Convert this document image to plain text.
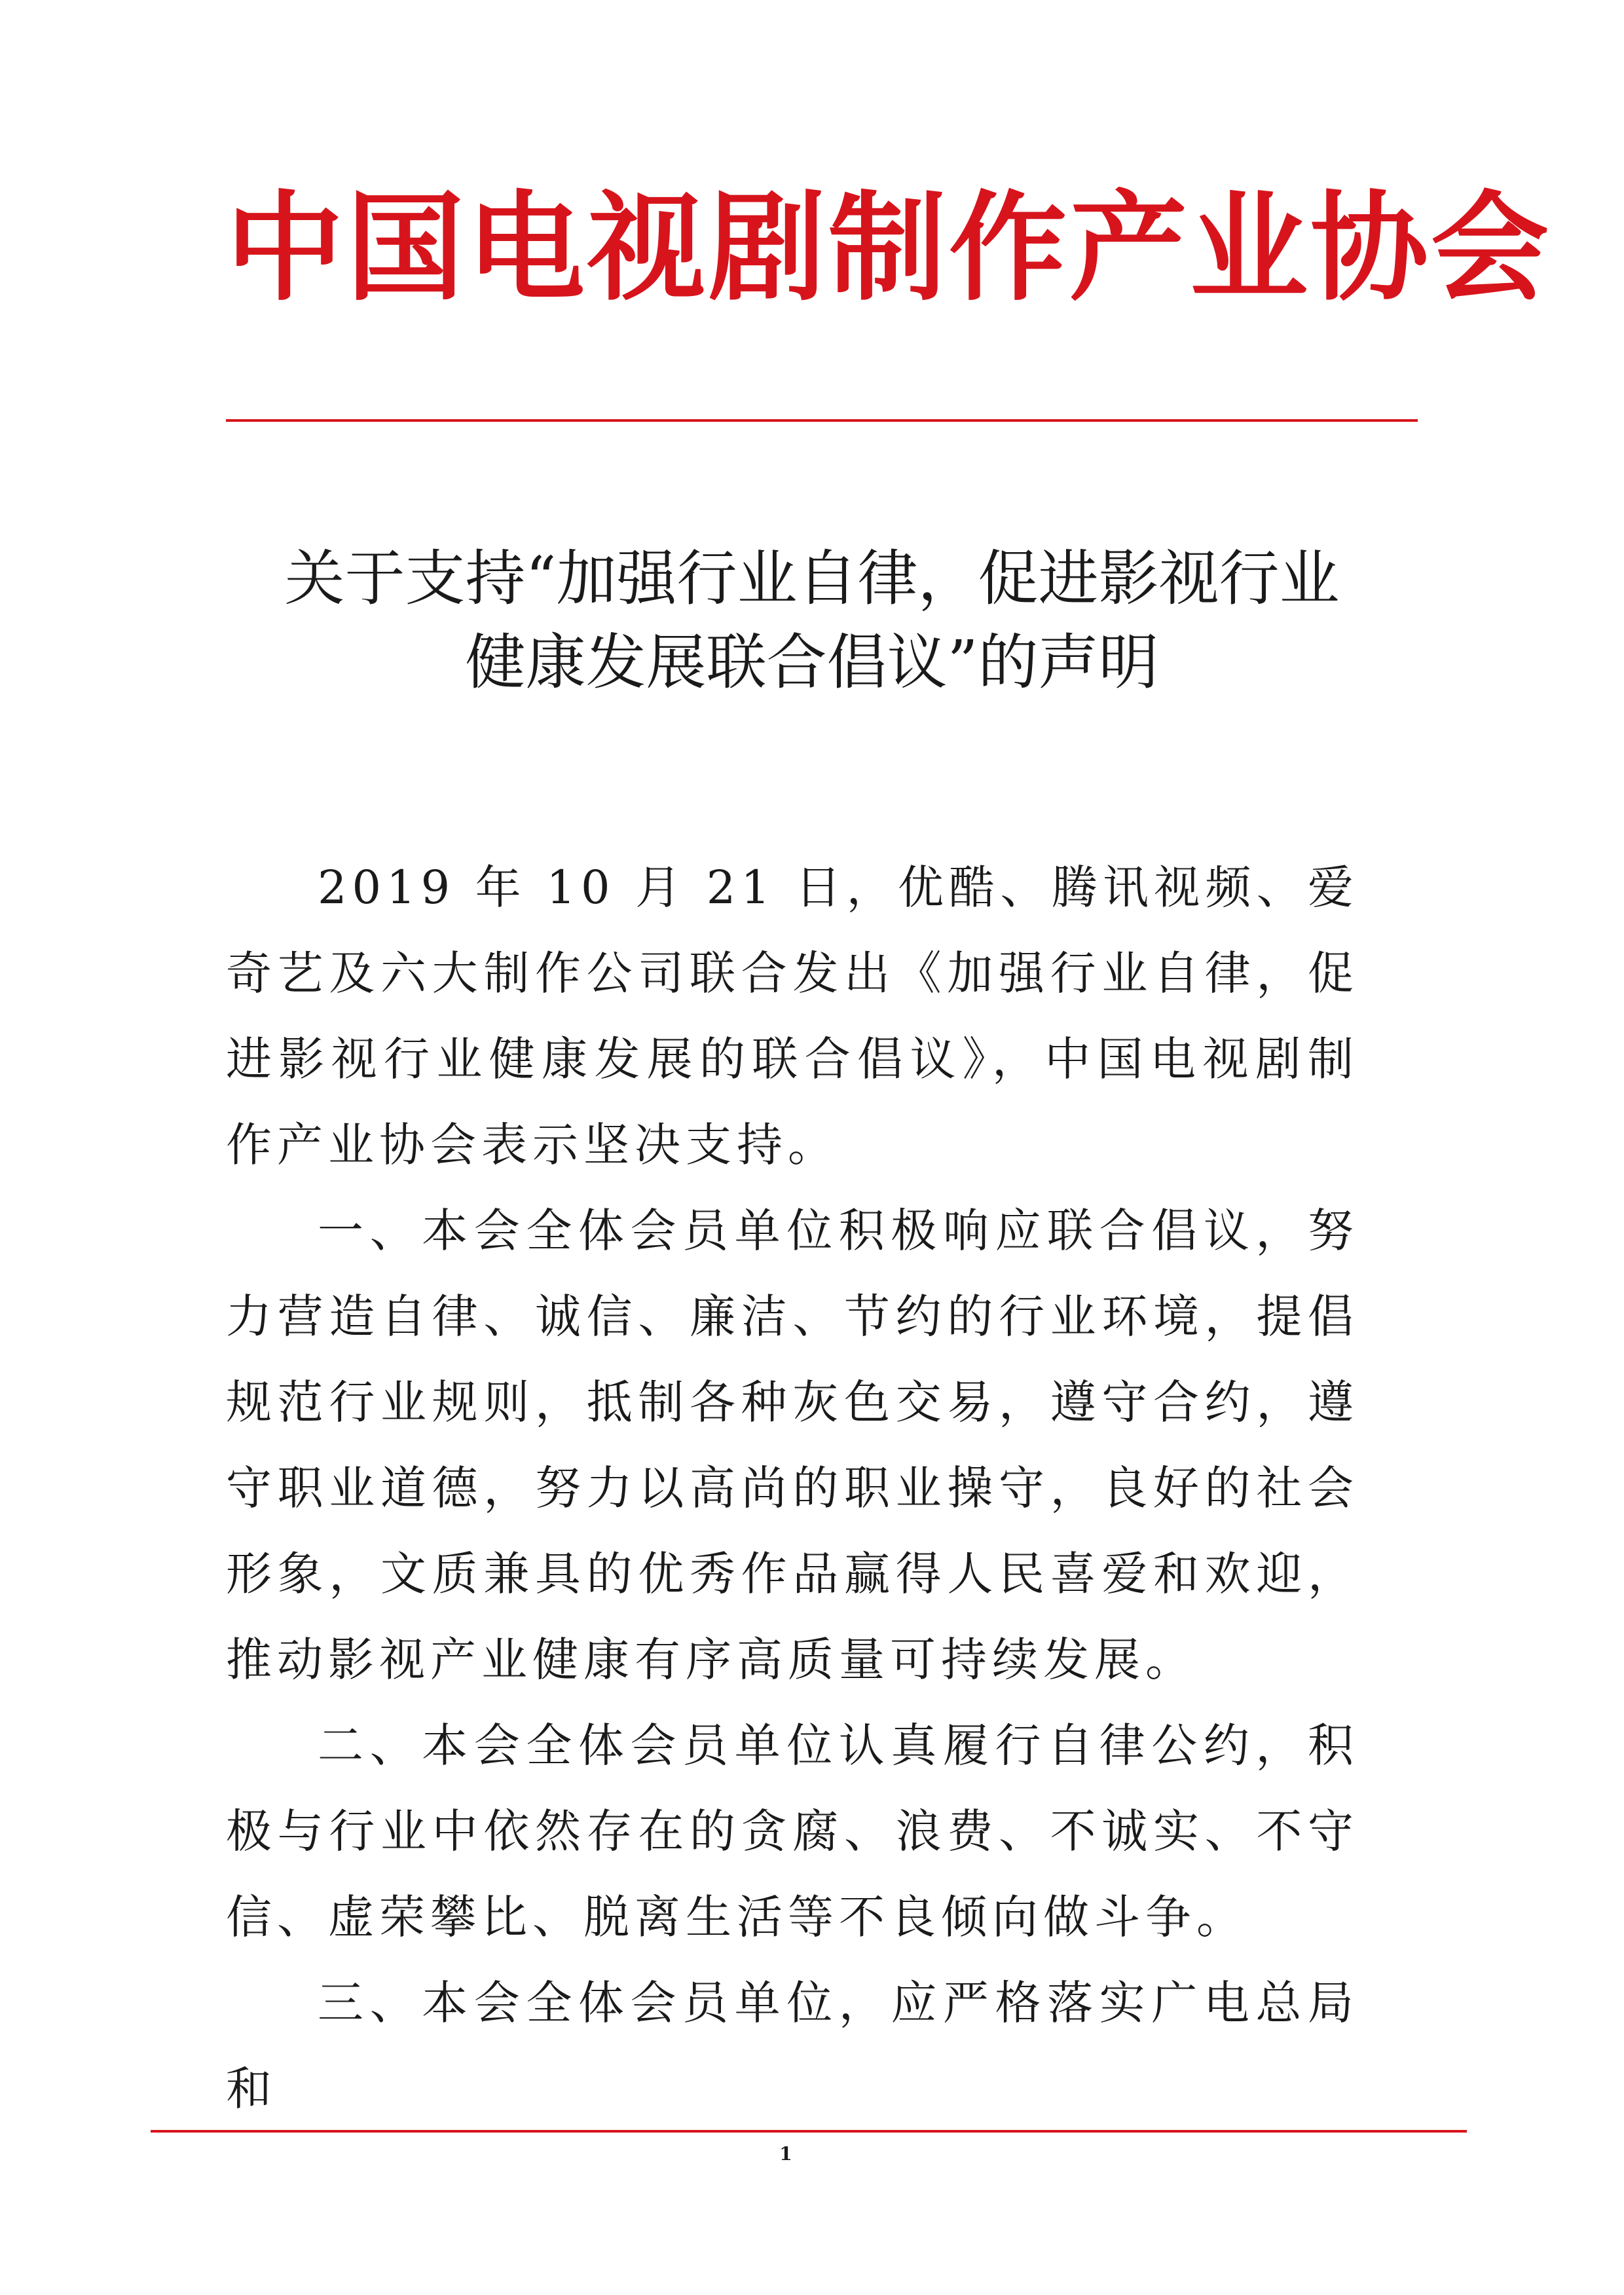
中国电视剧制作产业协会
关于支持“加强行业自律，促进影视行业
健康发展联合倡议”的声明

2019 年 10 月 21 日，优酷、腾讯视频、爱奇艺及六大制作公司联合发出《加强行业自律，促进影视行业健康发展的联合倡议》，中国电视剧制作产业协会表示坚决支持。

一、本会全体会员单位积极响应联合倡议，努力营造自律、诚信、廉洁、节约的行业环境，提倡规范行业规则，抵制各种灰色交易，遵守合约，遵守职业道德，努力以高尚的职业操守，良好的社会形象，文质兼具的优秀作品赢得人民喜爱和欢迎，推动影视产业健康有序高质量可持续发展。

二、本会全体会员单位认真履行自律公约，积极与行业中依然存在的贪腐、浪费、不诚实、不守信、虚荣攀比、脱离生活等不良倾向做斗争。

三、本会全体会员单位，应严格落实广电总局和

1
